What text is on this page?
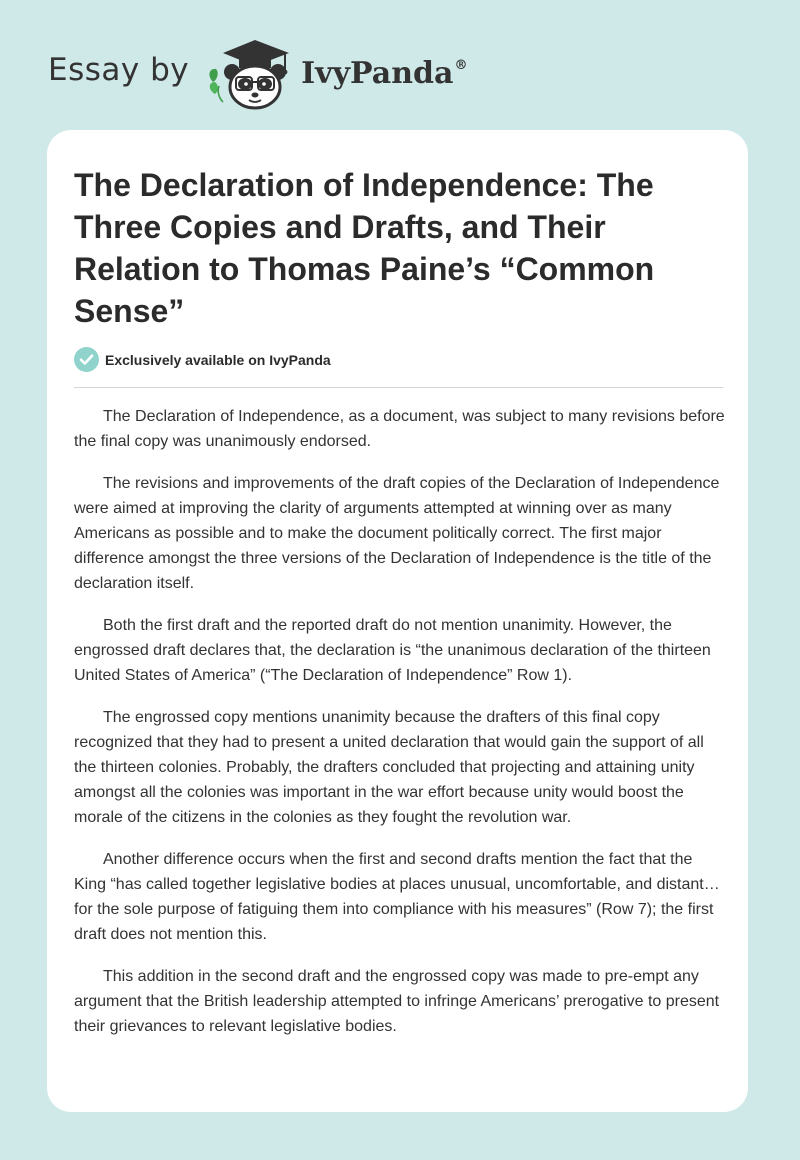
Essay by	IvyPanda®
The Declaration of Independence: The Three Copies and Drafts, and Their Relation to Thomas Paine’s “Common Sense”
Exclusively available on IvyPanda

The Declaration of Independence, as a document, was subject to many revisions before the final copy was unanimously endorsed.

The revisions and improvements of the draft copies of the Declaration of Independence were aimed at improving the clarity of arguments attempted at winning over as many Americans as possible and to make the document politically correct. The first major difference amongst the three versions of the Declaration of Independence is the title of the declaration itself.

Both the first draft and the reported draft do not mention unanimity. However, the engrossed draft declares that, the declaration is “the unanimous declaration of the thirteen United States of America” (“The Declaration of Independence” Row 1).

The engrossed copy mentions unanimity because the drafters of this final copy recognized that they had to present a united declaration that would gain the support of all the thirteen colonies. Probably, the drafters concluded that projecting and attaining unity amongst all the colonies was important in the war effort because unity would boost the morale of the citizens in the colonies as they fought the revolution war.

Another difference occurs when the first and second drafts mention the fact that the King “has called together legislative bodies at places unusual, uncomfortable, and distant…for the sole purpose of fatiguing them into compliance with his measures” (Row 7); the first draft does not mention this.

This addition in the second draft and the engrossed copy was made to pre-empt any argument that the British leadership attempted to infringe Americans’ prerogative to present their grievances to relevant legislative bodies.
